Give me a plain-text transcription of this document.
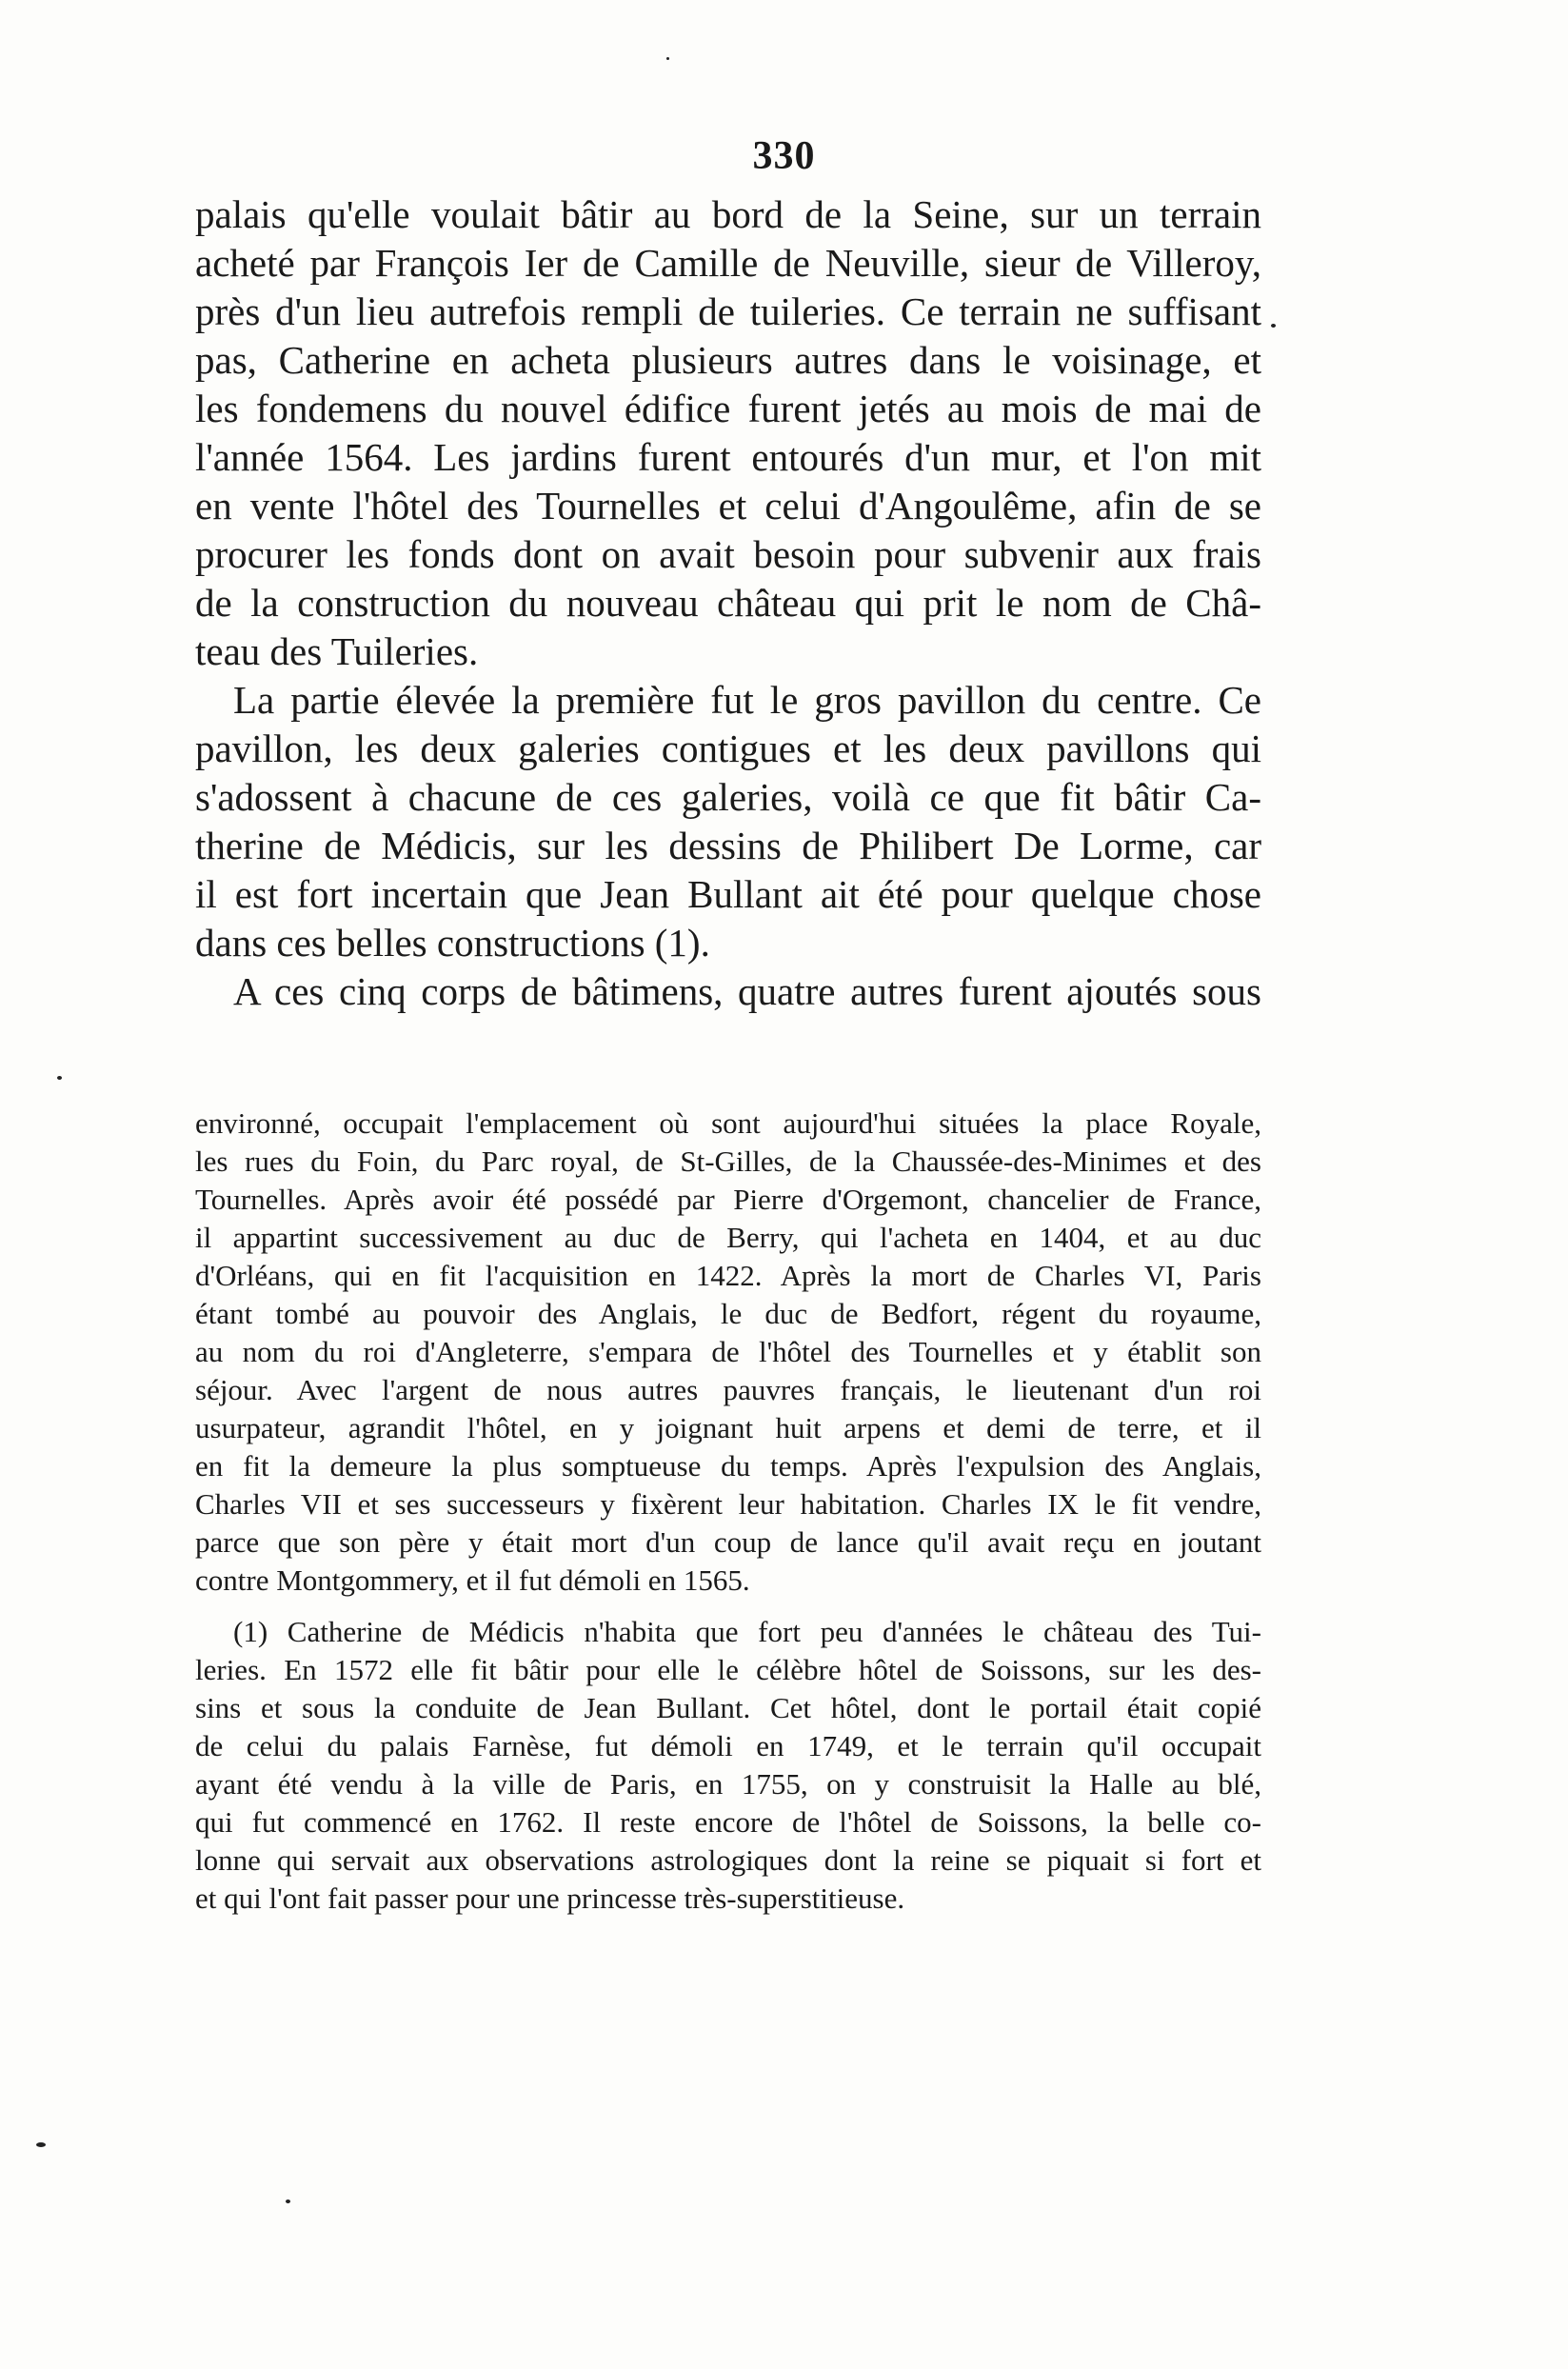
330
palais qu'elle voulait bâtir au bord de la Seine, sur un terrain
acheté par François Ier de Camille de Neuville, sieur de Villeroy,
près d'un lieu autrefois rempli de tuileries. Ce terrain ne suffisant
pas, Catherine en acheta plusieurs autres dans le voisinage, et
les fondemens du nouvel édifice furent jetés au mois de mai de
l'année 1564. Les jardins furent entourés d'un mur, et l'on mit
en vente l'hôtel des Tournelles et celui d'Angoulême, afin de se
procurer les fonds dont on avait besoin pour subvenir aux frais
de la construction du nouveau château qui prit le nom de Châ-
teau des Tuileries.
La partie élevée la première fut le gros pavillon du centre. Ce
pavillon, les deux galeries contigues et les deux pavillons qui
s'adossent à chacune de ces galeries, voilà ce que fit bâtir Ca-
therine de Médicis, sur les dessins de Philibert De Lorme, car
il est fort incertain que Jean Bullant ait été pour quelque chose
dans ces belles constructions (1).
A ces cinq corps de bâtimens, quatre autres furent ajoutés sous
environné, occupait l'emplacement où sont aujourd'hui situées la place Royale,
les rues du Foin, du Parc royal, de St-Gilles, de la Chaussée-des-Minimes et des
Tournelles. Après avoir été possédé par Pierre d'Orgemont, chancelier de France,
il appartint successivement au duc de Berry, qui l'acheta en 1404, et au duc
d'Orléans, qui en fit l'acquisition en 1422. Après la mort de Charles VI, Paris
étant tombé au pouvoir des Anglais, le duc de Bedfort, régent du royaume,
au nom du roi d'Angleterre, s'empara de l'hôtel des Tournelles et y établit son
séjour. Avec l'argent de nous autres pauvres français, le lieutenant d'un roi
usurpateur, agrandit l'hôtel, en y joignant huit arpens et demi de terre, et il
en fit la demeure la plus somptueuse du temps. Après l'expulsion des Anglais,
Charles VII et ses successeurs y fixèrent leur habitation. Charles IX le fit vendre,
parce que son père y était mort d'un coup de lance qu'il avait reçu en joutant
contre Montgommery, et il fut démoli en 1565.
(1) Catherine de Médicis n'habita que fort peu d'années le château des Tui-
leries. En 1572 elle fit bâtir pour elle le célèbre hôtel de Soissons, sur les des-
sins et sous la conduite de Jean Bullant. Cet hôtel, dont le portail était copié
de celui du palais Farnèse, fut démoli en 1749, et le terrain qu'il occupait
ayant été vendu à la ville de Paris, en 1755, on y construisit la Halle au blé,
qui fut commencé en 1762. Il reste encore de l'hôtel de Soissons, la belle co-
lonne qui servait aux observations astrologiques dont la reine se piquait si fort et
et qui l'ont fait passer pour une princesse très-superstitieuse.
